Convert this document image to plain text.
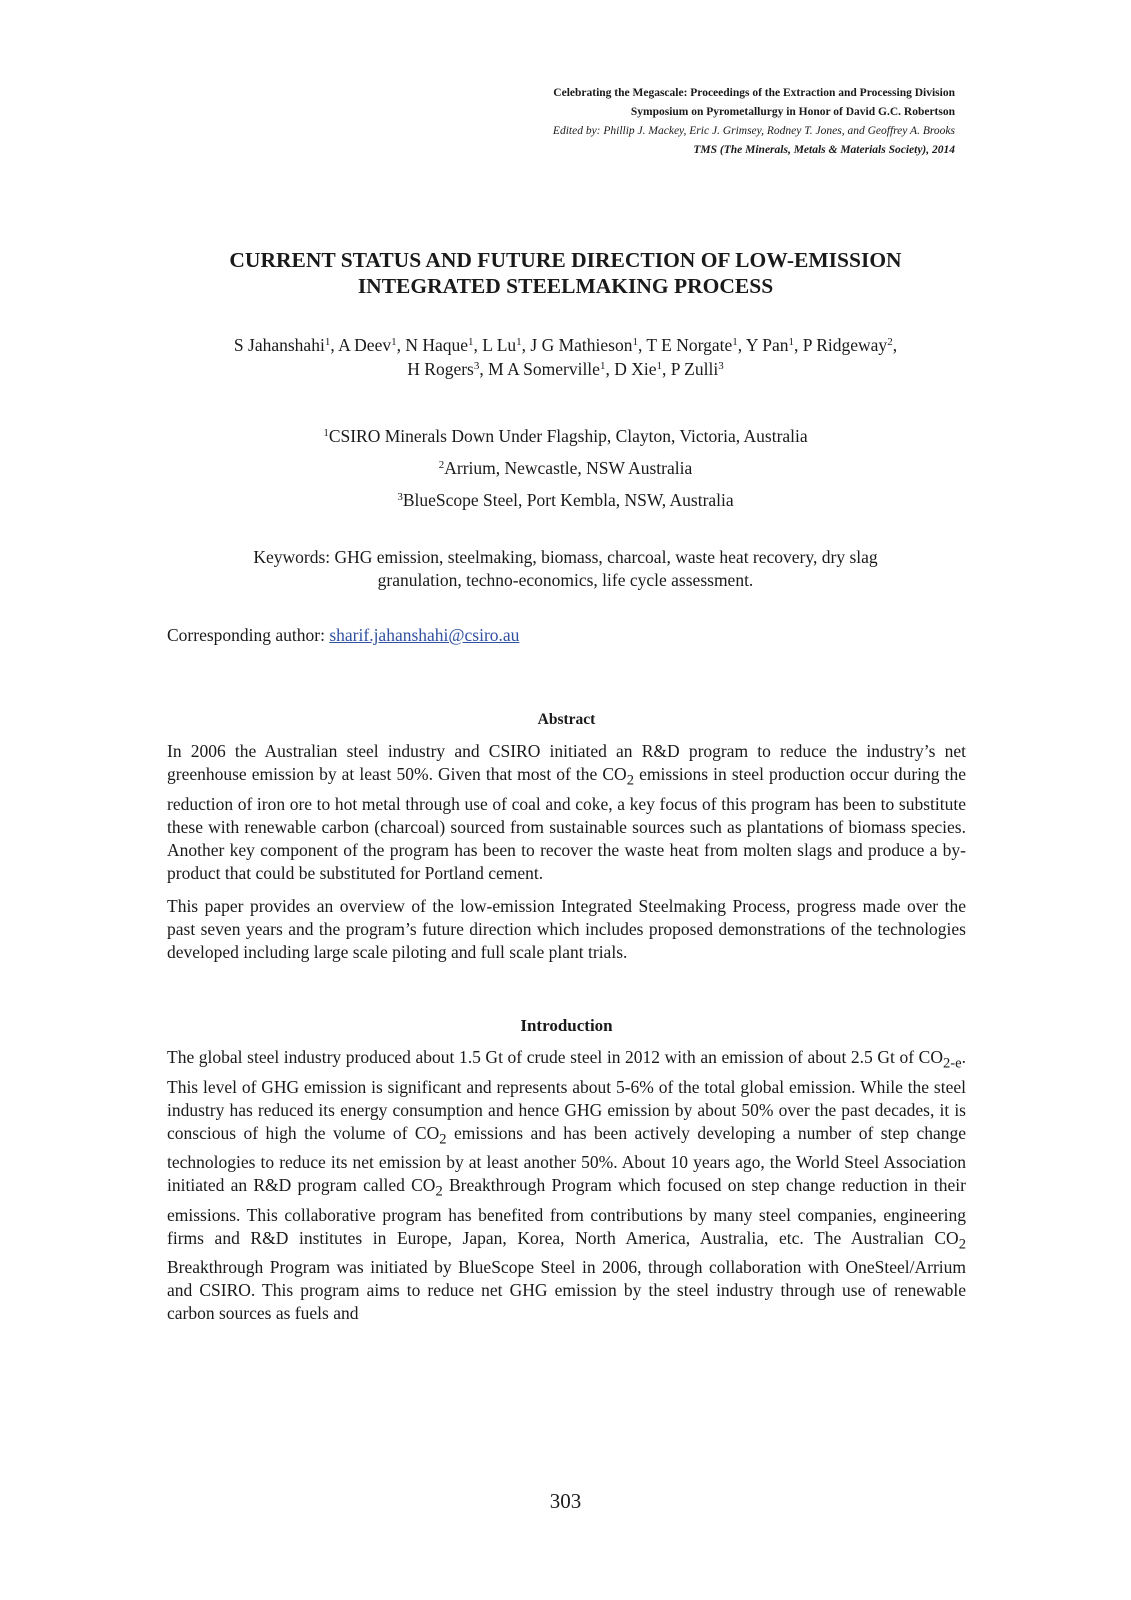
Celebrating the Megascale: Proceedings of the Extraction and Processing Division
Symposium on Pyrometallurgy in Honor of David G.C. Robertson
Edited by: Phillip J. Mackey, Eric J. Grimsey, Rodney T. Jones, and Geoffrey A. Brooks
TMS (The Minerals, Metals & Materials Society), 2014
CURRENT STATUS AND FUTURE DIRECTION OF LOW-EMISSION
INTEGRATED STEELMAKING PROCESS
S Jahanshahi$^1$, A Deev$^1$, N Haque$^1$, L Lu$^1$, J G Mathieson$^1$, T E Norgate$^1$, Y Pan$^1$, P Ridgeway$^2$,
H Rogers$^3$, M A Somerville$^1$, D Xie$^1$, P Zulli$^3$
$^1$CSIRO Minerals Down Under Flagship, Clayton, Victoria, Australia
$^2$Arrium, Newcastle, NSW Australia
$^3$BlueScope Steel, Port Kembla, NSW, Australia
Keywords: GHG emission, steelmaking, biomass, charcoal, waste heat recovery, dry slag
granulation, techno-economics, life cycle assessment.
Corresponding author: sharif.jahanshahi@csiro.au
Abstract

In 2006 the Australian steel industry and CSIRO initiated an R&D program to reduce the industry’s net greenhouse emission by at least 50%. Given that most of the $CO_2$ emissions in steel production occur during the reduction of iron ore to hot metal through use of coal and coke, a key focus of this program has been to substitute these with renewable carbon (charcoal) sourced from sustainable sources such as plantations of biomass species. Another key component of the program has been to recover the waste heat from molten slags and produce a by-product that could be substituted for Portland cement.

This paper provides an overview of the low-emission Integrated Steelmaking Process, progress made over the past seven years and the program’s future direction which includes proposed demonstrations of the technologies developed including large scale piloting and full scale plant trials.

Introduction

The global steel industry produced about 1.5 Gt of crude steel in 2012 with an emission of about 2.5 Gt of $CO_{2-e}$. This level of GHG emission is significant and represents about 5-6% of the total global emission. While the steel industry has reduced its energy consumption and hence GHG emission by about 50% over the past decades, it is conscious of high the volume of $CO_2$ emissions and has been actively developing a number of step change technologies to reduce its net emission by at least another 50%. About 10 years ago, the World Steel Association initiated an R&D program called $CO_2$ Breakthrough Program which focused on step change reduction in their emissions. This collaborative program has benefited from contributions by many steel companies, engineering firms and R&D institutes in Europe, Japan, Korea, North America, Australia, etc. The Australian $CO_2$ Breakthrough Program was initiated by BlueScope Steel in 2006, through collaboration with OneSteel/Arrium and CSIRO. This program aims to reduce net GHG emission by the steel industry through use of renewable carbon sources as fuels and

303
